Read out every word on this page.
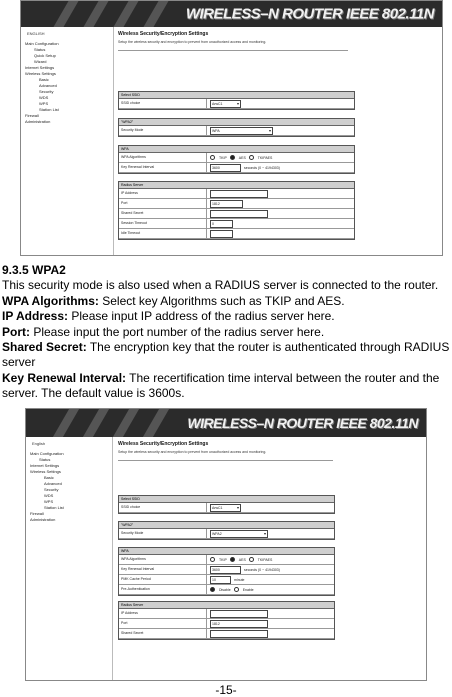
WIRELESS–N ROUTER IEEE 802.11N
ENGLISH
Main Configuration
Status
Quick Setup
Wizard
Internet Settings
Wireless Settings
Basic
Advanced
Security
WDS
WPS
Station List
Firewall
Administration
Wireless Security/Encryption Settings
Setup the wireless security and encryption to prevent from unauthorized access and monitoring.
Select SSID
SSID choice	ArwC1 ▾
"WPA2"
Security Mode	WPA ▾
WPA
WPA Algorithms	TKIP	AES	TKIPAES
Key Renewal Interval	3600	seconds (0 ~ 4194303)
Radius Server
IP Address
Port	1812
Shared Secret
Session Timeout	0
Idle Timeout

9.3.5 WPA2

This security mode is also used when a RADIUS server is connected to the router.

WPA Algorithms: Select key Algorithms such as TKIP and AES.

IP Address: Please input IP address of the radius server here.

Port: Please input the port number of the radius server here.

Shared Secret: The encryption key that the router is authenticated through RADIUS server

Key Renewal Interval: The recertification time interval between the router and the server. The default value is 3600s.

WIRELESS–N ROUTER IEEE 802.11N
English
Main Configuration
Status
Internet Settings
Wireless Settings
Basic
Advanced
Security
WDS
WPS
Station List
Firewall
Administration
Wireless Security/Encryption Settings
Setup the wireless security and encryption to prevent from unauthorized access and monitoring.
Select SSID
SSID choice	ArwC1 ▾
"WPA2"
Security Mode	WPA2 ▾
WPA
WPA Algorithms	TKIP	AES	TKIPAES
Key Renewal Interval	3600	seconds (0 ~ 4194303)
PMK Cache Period	10	minute
Pre-Authentication	Disable	Enable
Radius Server
IP Address
Port	1812
Shared Secret
-15-
